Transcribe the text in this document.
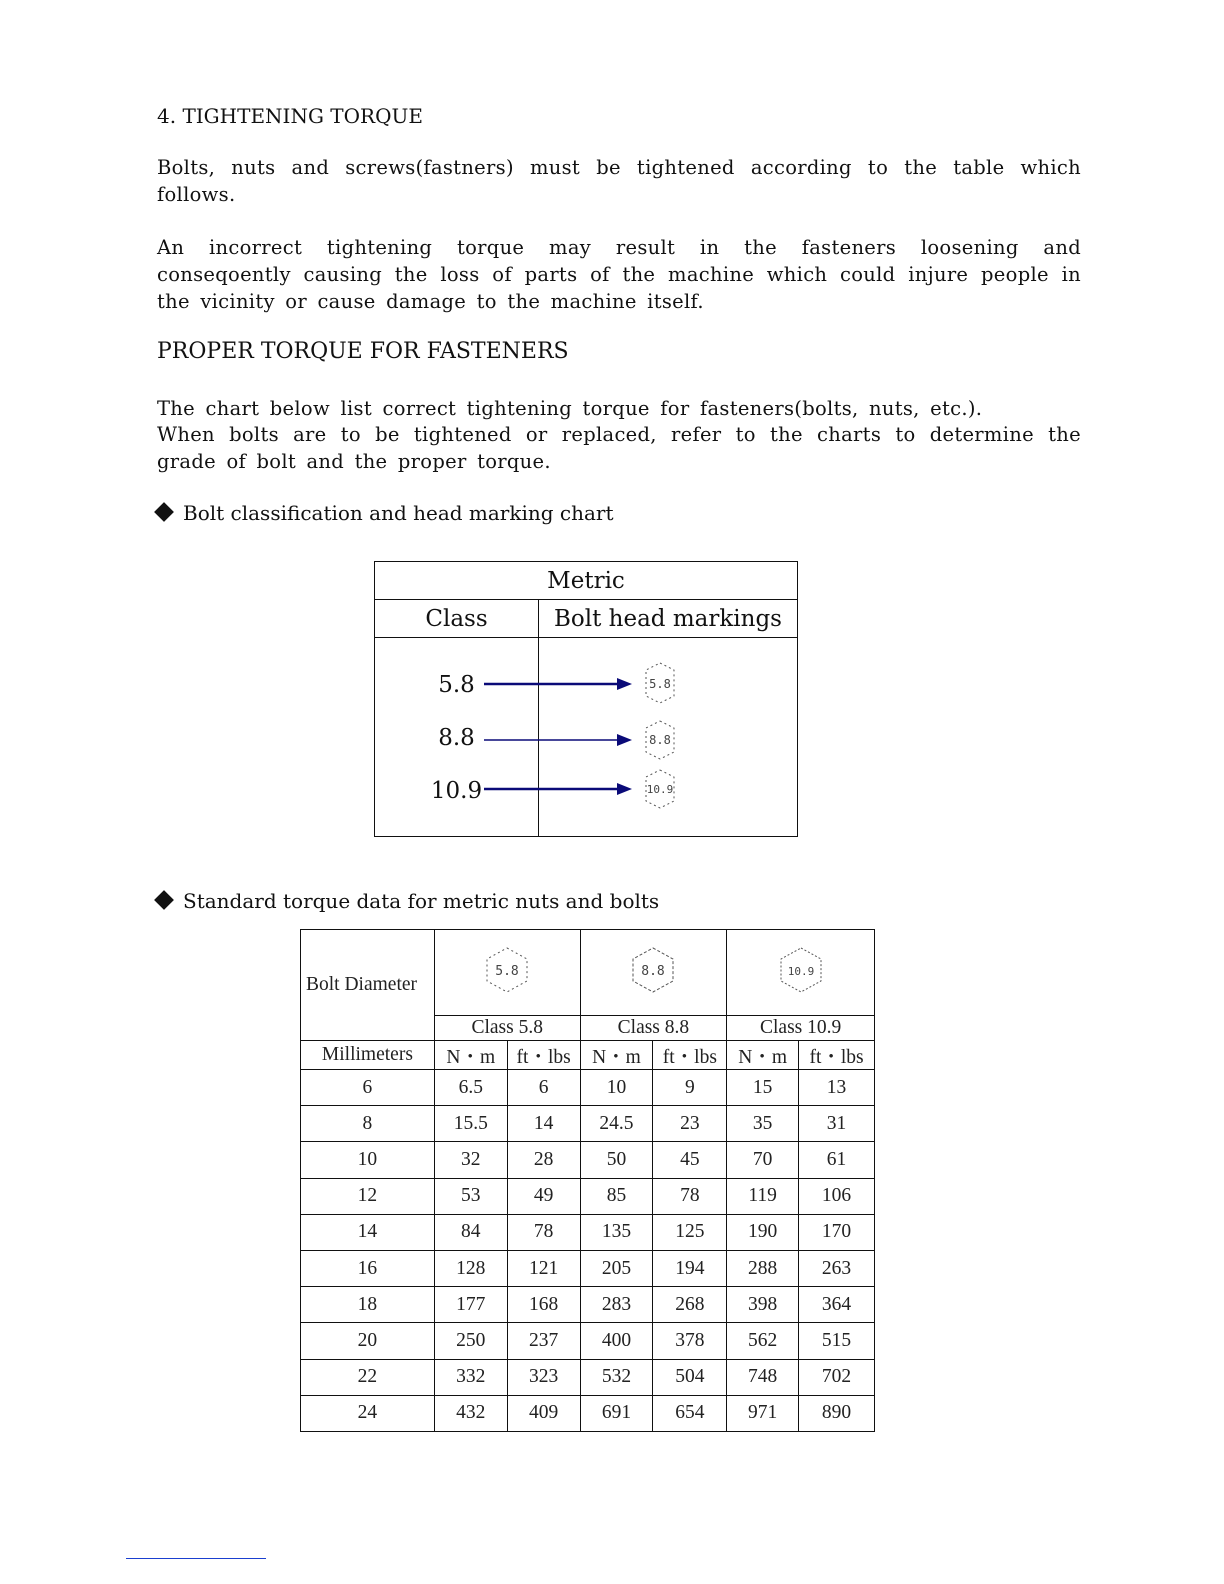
4. TIGHTENING TORQUE
Bolts, nuts and screws(fastners) must be tightened according to the table which follows.
An incorrect tightening torque may result in the fasteners loosening and conseqoently causing the loss of parts of the machine which could injure people in the vicinity or cause damage to the machine itself.
PROPER TORQUE FOR FASTENERS
The chart below list correct tightening torque for fasteners(bolts, nuts, etc.).
When bolts are to be tightened or replaced, refer to the charts to determine the grade of bolt and the proper torque.
Bolt classification and head marking chart
Metric	
Class	Bolt head markings

5.8
8.8
10.9	

5.8
8.8
10.9
Standard torque data for metric nuts and bolts
Bolt Diameter	5.8		8.8		10.9	

	Class 5.8		Class 8.8		Class 10.9	
Millimeters	N・m	ft・lbs	N・m	ft・lbs	N・m	ft・lbs
6	6.5	6	10	9	15	13
8	15.5	14	24.5	23	35	31
10	32	28	50	45	70	61
12	53	49	85	78	119	106
14	84	78	135	125	190	170
16	128	121	205	194	288	263
18	177	168	283	268	398	364
20	250	237	400	378	562	515
22	332	323	532	504	748	702
24	432	409	691	654	971	890
